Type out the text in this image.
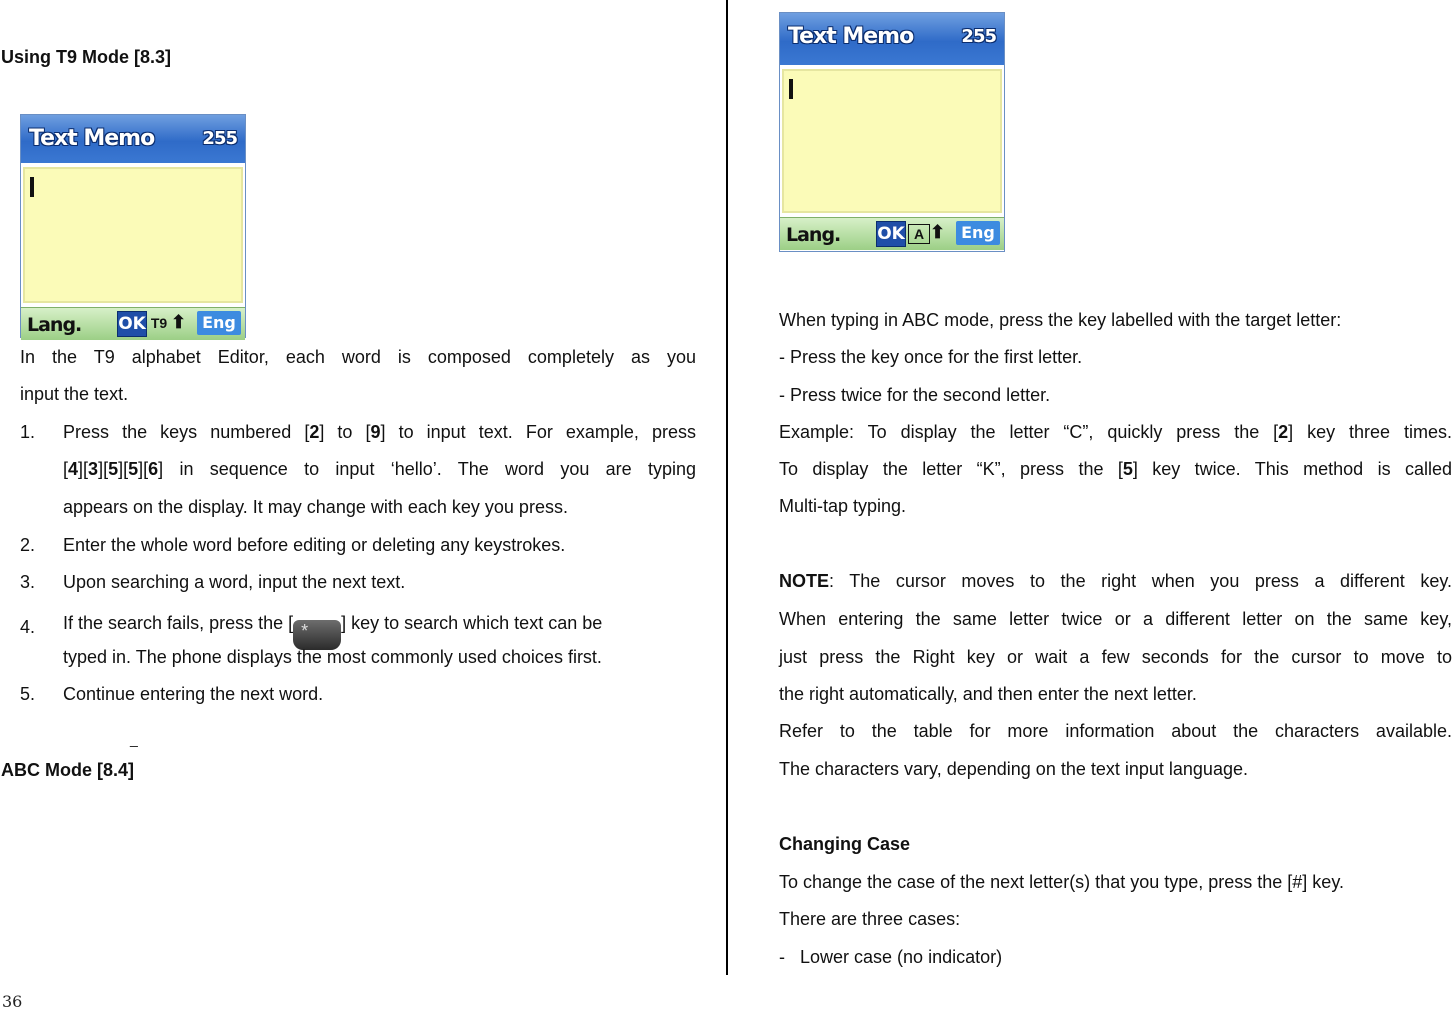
Using T9 Mode [8.3]
Text Memo	255
Lang. OK T9 ⬆	Eng
In the T9 alphabet Editor, each word is composed completely as you
input the text.
1. Press the keys numbered [2] to [9] to input text. For example, press
[4][3][5][5][6] in sequence to input ‘hello’. The word you are typing
appears on the display. It may change with each key you press.
2. Enter the whole word before editing or deleting any keystrokes.
3. Upon searching a word, input the next text.
4. If the search fails, press the [ *] key to search which text can be
typed in. The phone displays the most commonly used choices first.
5. Continue entering the next word.
_
ABC Mode [8.4]
Text Memo	255
Lang. OK A ⬆	Eng
When typing in ABC mode, press the key labelled with the target letter:
- Press the key once for the first letter.
- Press twice for the second letter.
Example: To display the letter “C”, quickly press the [2] key three times.
To display the letter “K”, press the [5] key twice. This method is called
Multi-tap typing.
NOTE: The cursor moves to the right when you press a different key.
When entering the same letter twice or a different letter on the same key,
just press the Right key or wait a few seconds for the cursor to move to
the right automatically, and then enter the next letter.
Refer to the table for more information about the characters available.
The characters vary, depending on the text input language.
Changing Case
To change the case of the next letter(s) that you type, press the [#] key.
There are three cases:
- Lower case (no indicator)
36
